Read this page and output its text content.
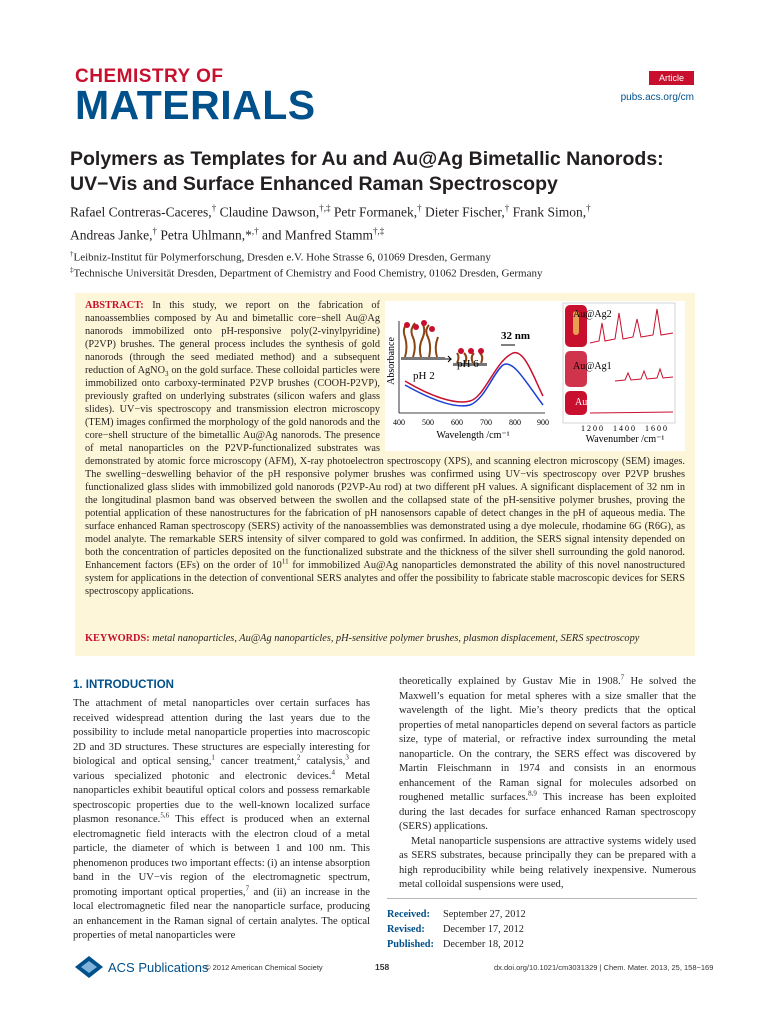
CHEMISTRY OF
MATERIALS
Article
pubs.acs.org/cm
Polymers as Templates for Au and Au@Ag Bimetallic Nanorods: UV−Vis and Surface Enhanced Raman Spectroscopy
Rafael Contreras-Caceres,† Claudine Dawson,†,‡ Petr Formanek,† Dieter Fischer,† Frank Simon,†
Andreas Janke,† Petra Uhlmann,*,† and Manfred Stamm†,‡
†Leibniz-Institut für Polymerforschung, Dresden e.V. Hohe Strasse 6, 01069 Dresden, Germany
‡Technische Universität Dresden, Department of Chemistry and Food Chemistry, 01062 Dresden, Germany
ABSTRACT: In this study, we report on the fabrication of nanoassemblies composed by Au and bimetallic core−shell Au@Ag nanorods immobilized onto pH-responsive poly(2-vinylpyridine) (P2VP) brushes. The general process includes the synthesis of gold nanorods (through the seed mediated method) and a subsequent reduction of AgNO$_3$ on the gold surface. These colloidal particles were immobilized onto carboxy-terminated P2VP brushes (COOH-P2VP), previously grafted on underlying substrates (silicon wafers and glass slides). UV−vis spectroscopy and transmission electron microscopy (TEM) images confirmed the morphology of the gold nanorods and the core−shell structure of the bimetallic Au@Ag nanorods. The presence of metal nanoparticles on the P2VP-functionalized substrates was demonstrated by atomic force microscopy (AFM), X-ray photoelectron spectroscopy (XPS), and scanning electron microscopy (SEM) images. The swelling−deswelling behavior of the pH responsive polymer brushes was confirmed using UV−vis spectroscopy over P2VP brushes functionalized glass slides with immobilized gold nanorods (P2VP-Au rod) at two different pH values. A significant displacement of 32 nm in the longitudinal plasmon band was observed between the swollen and the collapsed state of the pH-sensitive polymer brushes, proving the potential application of these nanostructures for the fabrication of pH nanosensors capable of detect changes in the pH of aqueous media. The surface enhanced Raman spectroscopy (SERS) activity of the nanoassemblies was demonstrated using a dye molecule, rhodamine 6G (R6G), as model analyte. The remarkable SERS intensity of silver compared to gold was confirmed. In addition, the SERS signal intensity depended on both the concentration of particles deposited on the functionalized substrate and the thickness of the silver shell surrounding the gold nanorod. Enhancement factors (EFs) on the order of $10^{11}$ for immobilized Au@Ag nanoparticles demonstrated the ability of this novel nanostructured system for applications in the detection of conventional SERS analytes and offer the possibility to fabricate stable macroscopic devices for SERS spectroscopy applications.
KEYWORDS: metal nanoparticles, Au@Ag nanoparticles, pH-sensitive polymer brushes, plasmon displacement, SERS spectroscopy
Absorbance pH 2
pH 6
32 nm
400 500 600 700 800 900
Wavelength /cm⁻¹
Au@Ag2
Au@Ag1
Au
1200 1400 1600
Wavenumber /cm⁻¹
1. INTRODUCTION

The attachment of metal nanoparticles over certain surfaces has received widespread attention during the last years due to the possibility to include metal nanoparticle properties into macroscopic 2D and 3D structures. These structures are especially interesting for biological and optical sensing,$^1$ cancer treatment,$^2$ catalysis,$^3$ and various specialized photonic and electronic devices.$^4$ Metal nanoparticles exhibit beautiful optical colors and possess remarkable spectroscopic properties due to the well-known localized surface plasmon resonance.$^{5,6}$ This effect is produced when an external electromagnetic field interacts with the electron cloud of a metal particle, the diameter of which is between 1 and 100 nm. This phenomenon produces two important effects: (i) an intense absorption band in the UV−vis region of the electromagnetic spectrum, promoting important optical properties,$^7$ and (ii) an increase in the local electromagnetic filed near the nanoparticle surface, producing an enhancement in the Raman signal of certain analytes. The optical properties of metal nanoparticles were

theoretically explained by Gustav Mie in 1908.$^7$ He solved the Maxwell’s equation for metal spheres with a size smaller that the wavelength of the light. Mie’s theory predicts that the optical properties of metal nanoparticles depend on several factors as particle size, type of material, or refractive index surrounding the metal nanoparticle. On the contrary, the SERS effect was discovered by Martin Fleischmann in 1974 and consists in an enormous enhancement of the Raman signal for molecules adsorbed on roughened metallic surfaces.$^{8,9}$ This increase has been exploited during the last decades for surface enhanced Raman spectroscopy (SERS) applications.

Metal nanoparticle suspensions are attractive systems widely used as SERS substrates, because principally they can be prepared with a high reproducibility while being relatively inexpensive. Numerous metal colloidal suspensions were used,

Received: September 27, 2012
Revised: December 17, 2012
Published: December 18, 2012
ACS Publications
© 2012 American Chemical Society	158	dx.doi.org/10.1021/cm3031329 | Chem. Mater. 2013, 25, 158−169
